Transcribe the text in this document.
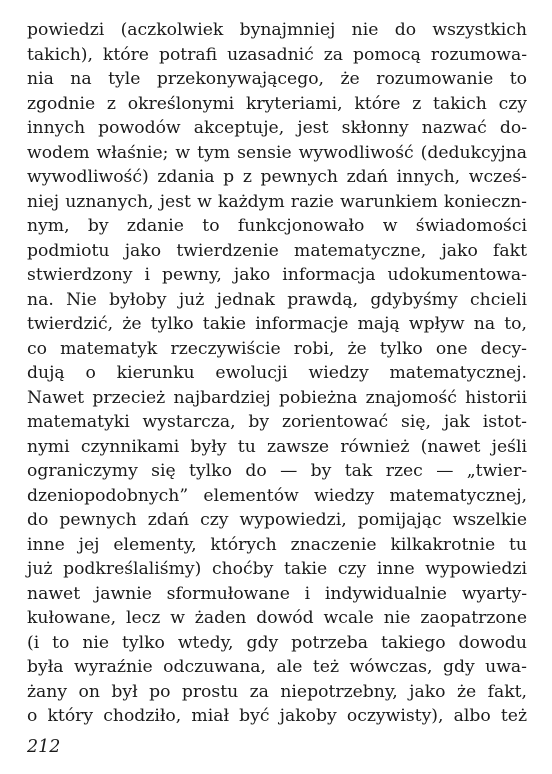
powiedzi (aczkolwiek bynajmniej nie do wszystkich
takich), które potrafi uzasadnić za pomocą rozumowa-
nia na tyle przekonywającego, że rozumowanie to
zgodnie z określonymi kryteriami, które z takich czy
innych powodów akceptuje, jest skłonny nazwać do-
wodem właśnie; w tym sensie wywodliwość (dedukcyjna
wywodliwość) zdania p z pewnych zdań innych, wcześ-
niej uznanych, jest w każdym razie warunkiem konieczn-
nym, by zdanie to funkcjonowało w świadomości
podmiotu jako twierdzenie matematyczne, jako fakt
stwierdzony i pewny, jako informacja udokumentowa-
na. Nie byłoby już jednak prawdą, gdybyśmy chcieli
twierdzić, że tylko takie informacje mają wpływ na to,
co matematyk rzeczywiście robi, że tylko one decy-
dują o kierunku ewolucji wiedzy matematycznej.
Nawet przecież najbardziej pobieżna znajomość historii
matematyki wystarcza, by zorientować się, jak istot-
nymi czynnikami były tu zawsze również (nawet jeśli
ograniczymy się tylko do — by tak rzec — „twier-
dzeniopodobnych” elementów wiedzy matematycznej,
do pewnych zdań czy wypowiedzi, pomijając wszelkie
inne jej elementy, których znaczenie kilkakrotnie tu
już podkreślaliśmy) choćby takie czy inne wypowiedzi
nawet jawnie sformułowane i indywidualnie wyarty-
kułowane, lecz w żaden dowód wcale nie zaopatrzone
(i to nie tylko wtedy, gdy potrzeba takiego dowodu
była wyraźnie odczuwana, ale też wówczas, gdy uwa-
żany on był po prostu za niepotrzebny, jako że fakt,
o który chodziło, miał być jakoby oczywisty), albo też
212
